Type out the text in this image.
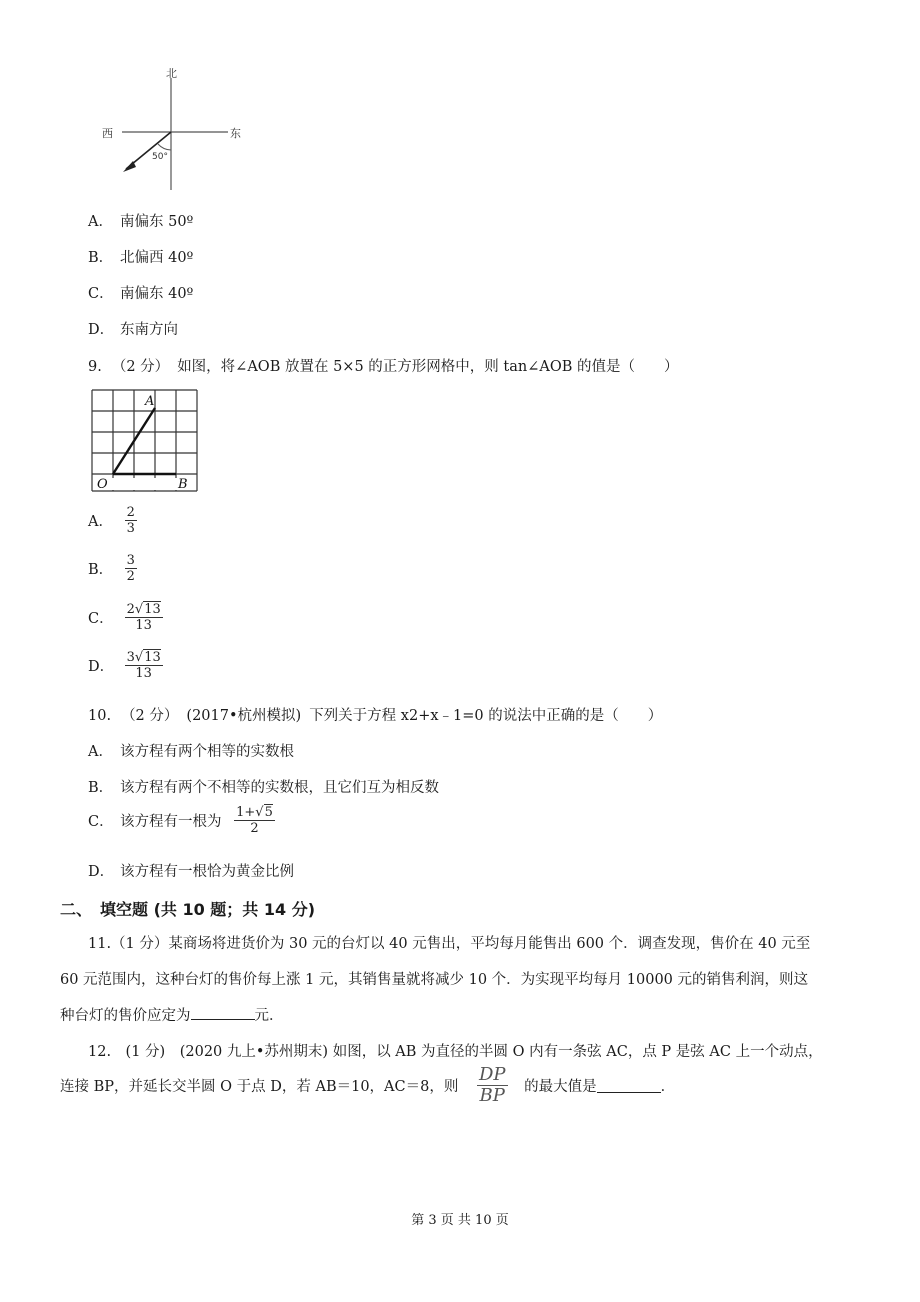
北
西	东
50°
A． 南偏东 50º
B． 北偏西 40º
C． 南偏东 40º
D． 东南方向
9. （2 分） 如图，将∠AOB 放置在 5×5 的正方形网格中，则 tan∠AOB 的值是（　　）
A
O	B
A． $\frac{2}{3}$
B． $\frac{3}{2}$
C． $\frac{2√13}{13}$
D． $\frac{3√13}{13}$
10. （2 分） (2017•杭州模拟) 下列关于方程 x2+x﹣1=0 的说法中正确的是（　　）
A． 该方程有两个相等的实数根
B． 该方程有两个不相等的实数根，且它们互为相反数
C． 该方程有一根为 $\frac{1+√5}{2}$
D． 该方程有一根恰为黄金比例
二、　填空题 (共 10 题；共 14 分)
11.（1 分）某商场将进货价为 30 元的台灯以 40 元售出，平均每月能售出 600 个．调查发现，售价在 40 元至
60 元范围内，这种台灯的售价每上涨 1 元，其销售量就将减少 10 个．为实现平均每月 10000 元的销售利润，则这
种台灯的售价应定为	元．
12.　(1 分)　(2020 九上•苏州期末) 如图，以 AB 为直径的半圆 O 内有一条弦 AC，点 P 是弦 AC 上一个动点，
连接 BP，并延长交半圆 O 于点 D，若 AB＝10，AC＝8，则 $\frac{DP}{BP}$ 的最大值是	．
第 3 页 共 10 页
